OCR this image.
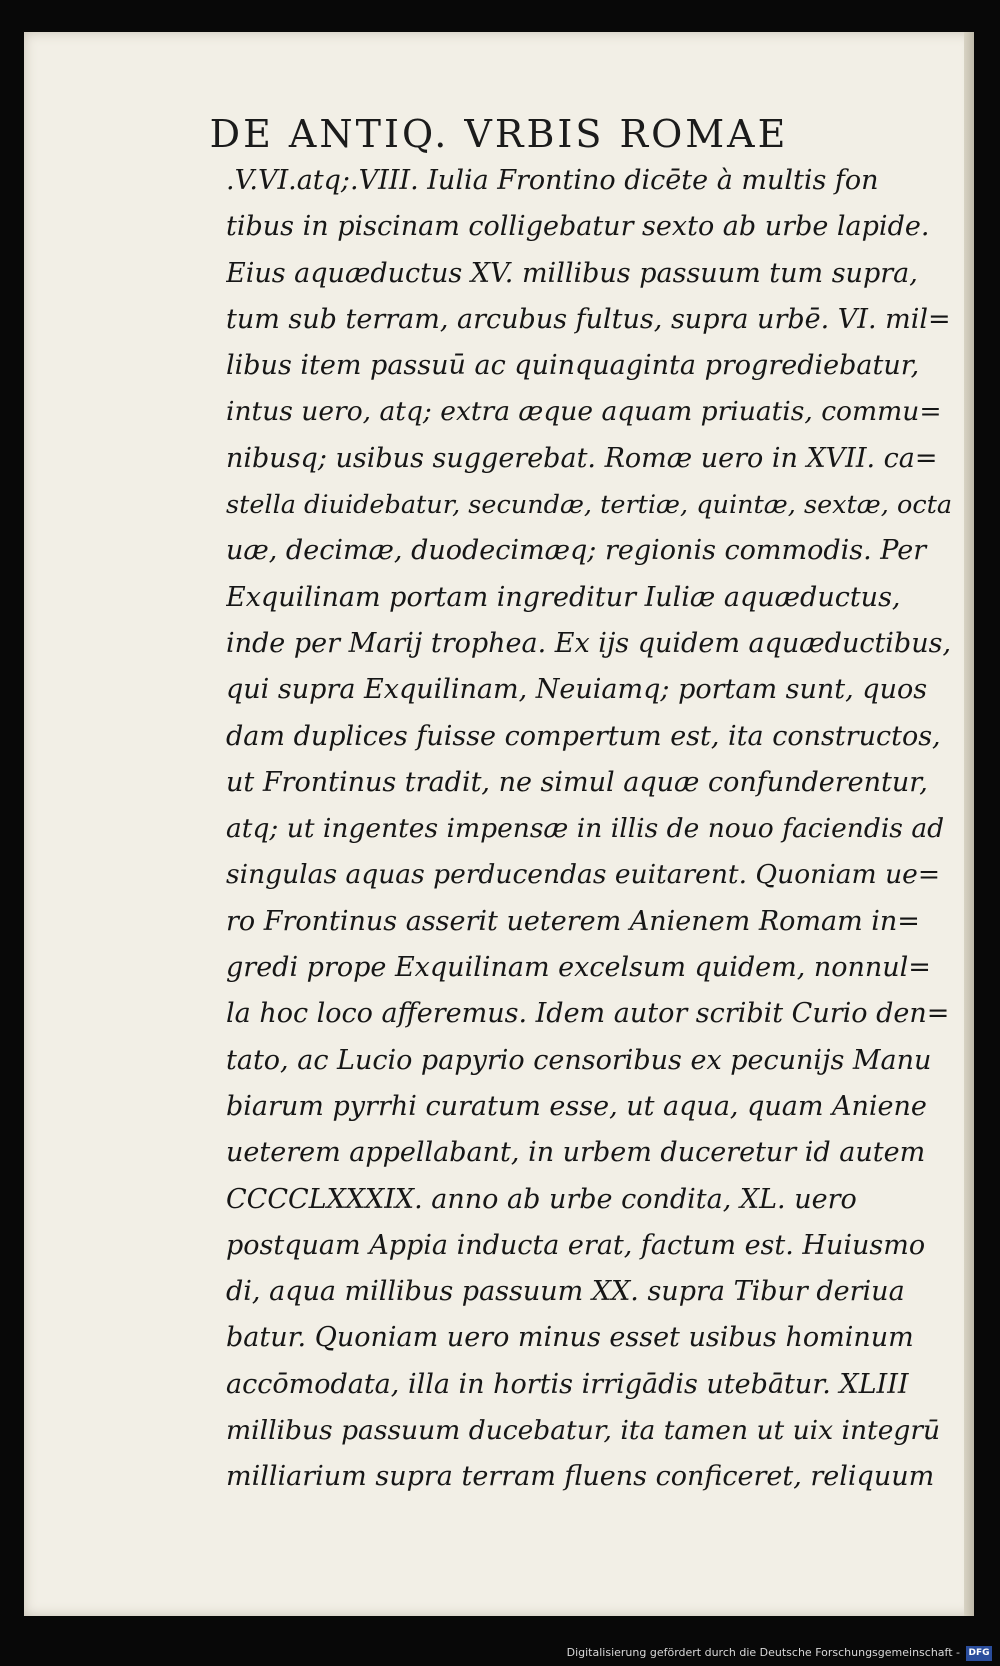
DE ANTIQ. VRBIS ROMAE
.V.VI.atq;.VIII. Iulia Frontino dicēte à multis fon
tibus in piscinam colligebatur sexto ab urbe lapide.
Eius aquæductus XV. millibus passuum tum supra,
tum sub terram, arcubus fultus, supra urbē. VI. mil=
libus item passuū ac quinquaginta progrediebatur,
intus uero, atq; extra æque aquam priuatis, commu=
nibusq; usibus suggerebat. Romæ uero in XVII. ca=
stella diuidebatur, secundæ, tertiæ, quintæ, sextæ, octa
uæ, decimæ, duodecimæq; regionis commodis. Per
Exquilinam portam ingreditur Iuliæ aquæductus,
inde per Marij trophea. Ex ijs quidem aquæductibus,
qui supra Exquilinam, Neuiamq; portam sunt, quos
dam duplices fuisse compertum est, ita constructos,
ut Frontinus tradit, ne simul aquæ confunderentur,
atq; ut ingentes impensæ in illis de nouo faciendis ad
singulas aquas perducendas euitarent. Quoniam ue=
ro Frontinus asserit ueterem Anienem Romam in=
gredi prope Exquilinam excelsum quidem, nonnul=
la hoc loco afferemus. Idem autor scribit Curio den=
tato, ac Lucio papyrio censoribus ex pecunijs Manu
biarum pyrrhi curatum esse, ut aqua, quam Aniene
ueterem appellabant, in urbem duceretur id autem
CCCCLXXXIX. anno ab urbe condita, XL. uero
postquam Appia inducta erat, factum est. Huiusmo
di, aqua millibus passuum XX. supra Tibur deriua
batur. Quoniam uero minus esset usibus hominum
accōmodata, illa in hortis irrigādis utebātur. XLIII
millibus passuum ducebatur, ita tamen ut uix integrū
milliarium supra terram fluens conficeret, reliquum
Digitalisierung gefördert durch die Deutsche Forschungsgemeinschaft - DFG
